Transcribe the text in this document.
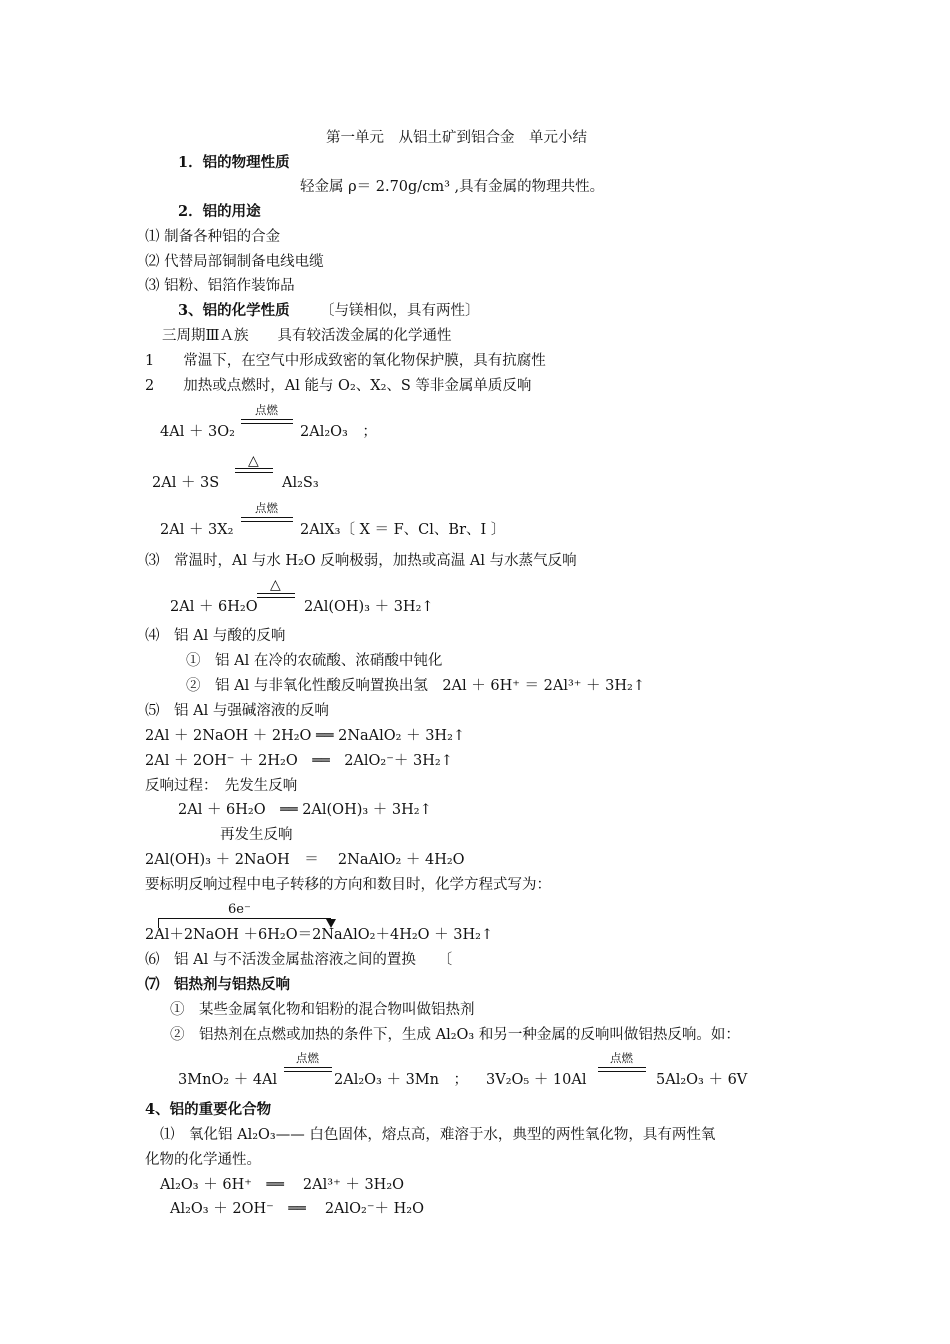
第一单元　从铝土矿到铝合金　单元小结
1．铝的物理性质
轻金属 ρ＝ 2.70g/cm³ ,具有金属的物理共性。
2．铝的用途
⑴ 制备各种铝的合金
⑵ 代替局部铜制备电线电缆
⑶ 铝粉、铝箔作装饰品
3、铝的化学性质 〔与镁相似，具有两性〕
三周期ⅢＡ族　　具有较活泼金属的化学通性
1　　常温下，在空气中形成致密的氧化物保护膜，具有抗腐性
2　　加热或点燃时，Al 能与 O₂、X₂、S 等非金属单质反响
4Al ＋ 3O₂
点燃
2Al₂O₃　；
2Al ＋ 3S
△
Al₂S₃
2Al ＋ 3X₂
点燃
2AlX₃〔 X ＝ F、Cl、Br、I 〕
⑶　常温时，Al 与水 H₂O 反响极弱，加热或高温 Al 与水蒸气反响
2Al ＋ 6H₂O
△
2Al(OH)₃ ＋ 3H₂↑
⑷　铝 Al 与酸的反响
①　铝 Al 在冷的农硫酸、浓硝酸中钝化
②　铝 Al 与非氧化性酸反响置换出氢　2Al ＋ 6H⁺ ＝ 2Al³⁺ ＋ 3H₂↑
⑸　铝 Al 与强碱溶液的反响
2Al ＋ 2NaOH ＋ 2H₂O ══ 2NaAlO₂ ＋ 3H₂↑
2Al ＋ 2OH⁻ ＋ 2H₂O　══　2AlO₂⁻＋ 3H₂↑
反响过程：　先发生反响
2Al ＋ 6H₂O　══ 2Al(OH)₃ ＋ 3H₂↑
再发生反响
2Al(OH)₃ ＋ 2NaOH　＝　 2NaAlO₂ ＋ 4H₂O
要标明反响过程中电子转移的方向和数目时，化学方程式写为：
6e⁻
2Al＋2NaOH ＋6H₂O＝2NaAlO₂＋4H₂O ＋ 3H₂↑
⑹　铝 Al 与不活泼金属盐溶液之间的置换　　〔
⑺　铝热剂与铝热反响
①　某些金属氧化物和铝粉的混合物叫做铝热剂
②　铝热剂在点燃或加热的条件下，生成 Al₂O₃ 和另一种金属的反响叫做铝热反响。如：
3MnO₂ ＋ 4Al
点燃
2Al₂O₃ ＋ 3Mn　； 3V₂O₅ ＋ 10Al
点燃
5Al₂O₃ ＋ 6V
4、铝的重要化合物
⑴　氧化铝 Al₂O₃—— 白色固体，熔点高，难溶于水，典型的两性氧化物，具有两性氧
化物的化学通性。
Al₂O₃ ＋ 6H⁺　══　 2Al³⁺ ＋ 3H₂O
Al₂O₃ ＋ 2OH⁻　══　 2AlO₂⁻＋ H₂O
